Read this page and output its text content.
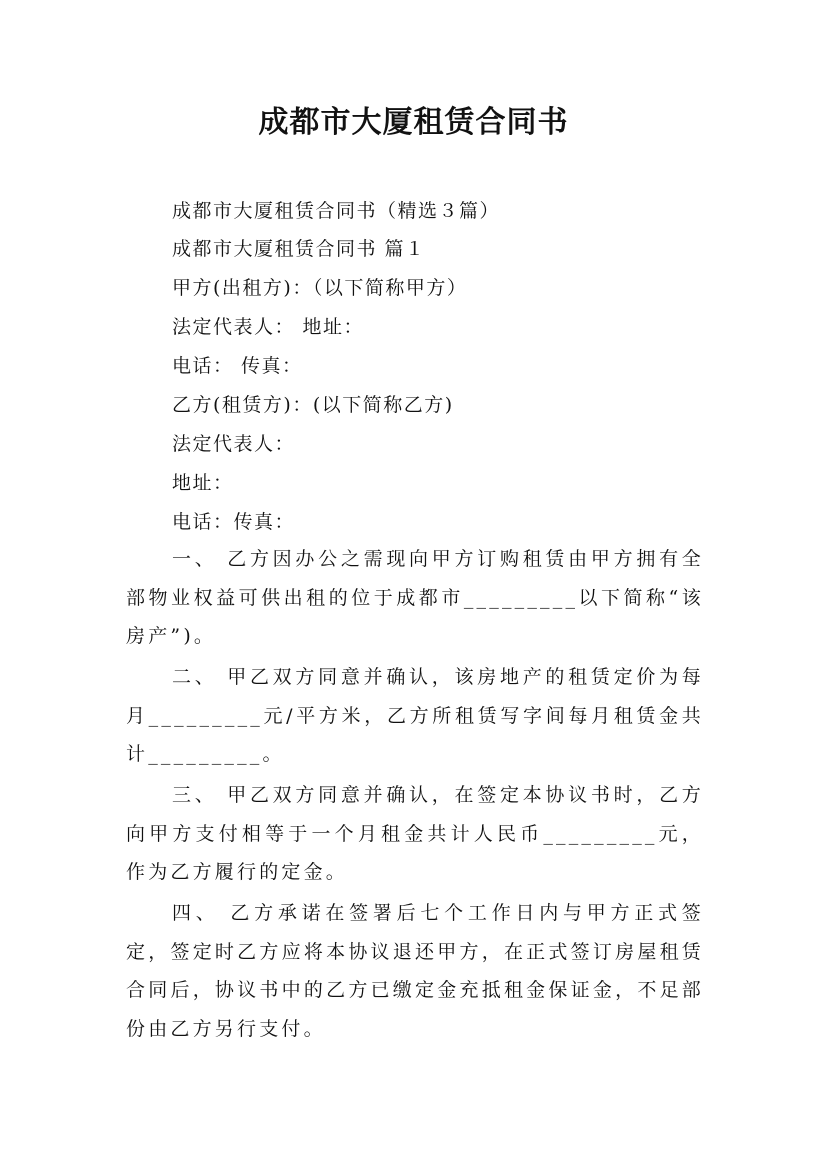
成都市大厦租赁合同书
成都市大厦租赁合同书（精选３篇）
成都市大厦租赁合同书 篇１
甲方(出租方)：（以下简称甲方）
法定代表人： 地址：
电话： 传真：
乙方(租赁方)：(以下简称乙方)
法定代表人：
地址：
电话：传真：
一、 乙方因办公之需现向甲方订购租赁由甲方拥有全部物业权益可供出租的位于成都市_________以下简称“该房产”)。
二、 甲乙双方同意并确认，该房地产的租赁定价为每月_________元/平方米，乙方所租赁写字间每月租赁金共计_________。
三、 甲乙双方同意并确认，在签定本协议书时，乙方向甲方支付相等于一个月租金共计人民币_________元，作为乙方履行的定金。
四、 乙方承诺在签署后七个工作日内与甲方正式签定，签定时乙方应将本协议退还甲方，在正式签订房屋租赁合同后，协议书中的乙方已缴定金充抵租金保证金，不足部份由乙方另行支付。
